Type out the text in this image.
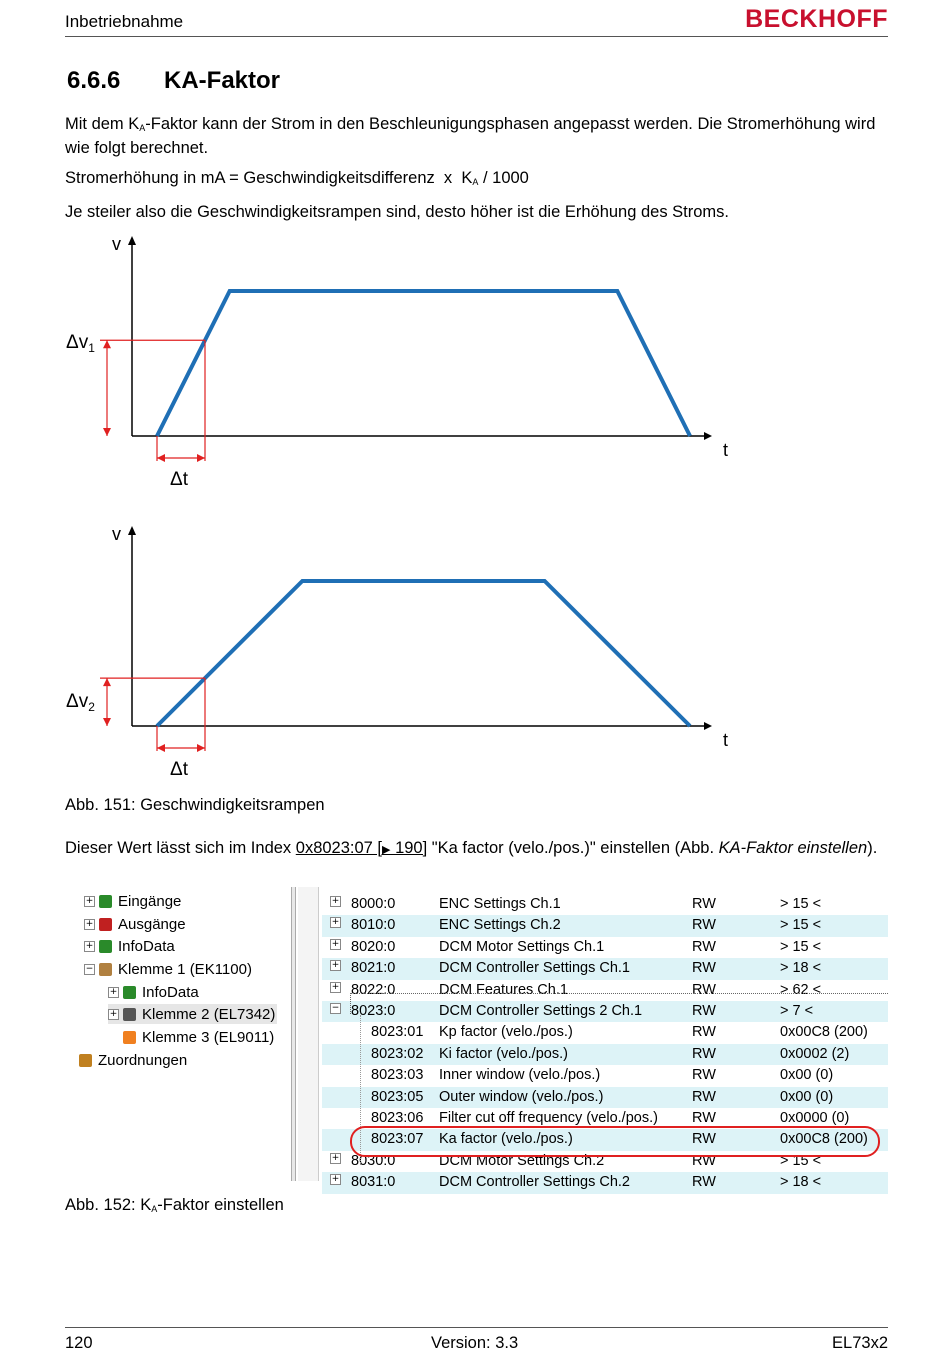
Inbetriebnahme	BECKHOFF
6.6.6 KA-Faktor
Mit dem $K_A$-Faktor kann der Strom in den Beschleunigungsphasen angepasst werden. Die Stromerhöhung wird wie folgt berechnet.
Stromerhöhung in mA = Geschwindigkeitsdifferenz  x  $K_A / 1000$
Je steiler also die Geschwindigkeitsrampen sind, desto höher ist die Erhöhung des Stroms.
v
t
$\Delta v_1$
Δt
v
t
$\Delta v_2$
Δt
Abb. 151: Geschwindigkeitsrampen
Dieser Wert lässt sich im Index 0x8023:07 [▶ 190] "Ka factor (velo./pos.)" einstellen (Abb. KA-Faktor einstellen).
+ Eingänge
+ Ausgänge
+ InfoData
− Klemme 1 (EK1100)
+ InfoData
+ Klemme 2 (EL7342)
Klemme 3 (EL9011)
Zuordnungen
+ 8000:0	ENC Settings Ch.1	RW	> 15 <
+ 8010:0	ENC Settings Ch.2	RW	> 15 <
+ 8020:0	DCM Motor Settings Ch.1	RW	> 15 <
+ 8021:0	DCM Controller Settings Ch.1	RW	> 18 <
+ 8022:0	DCM Features Ch.1	RW	> 62 <
− 8023:0	DCM Controller Settings 2 Ch.1	RW	> 7 <
8023:01 Kp factor (velo./pos.)	RW	0x00C8 (200)
8023:02 Ki factor (velo./pos.)	RW	0x0002 (2)
8023:03 Inner window (velo./pos.)	RW	0x00 (0)
8023:05 Outer window (velo./pos.)	RW	0x00 (0)
8023:06 Filter cut off frequency (velo./pos.) RW	0x0000 (0)
8023:07 Ka factor (velo./pos.)	RW	0x00C8 (200)
+ 8030:0	DCM Motor Settings Ch.2	RW	> 15 <
+ 8031:0	DCM Controller Settings Ch.2	RW	> 18 <
Abb. 152: $K_A$-Faktor einstellen
120	Version: 3.3	EL73x2
